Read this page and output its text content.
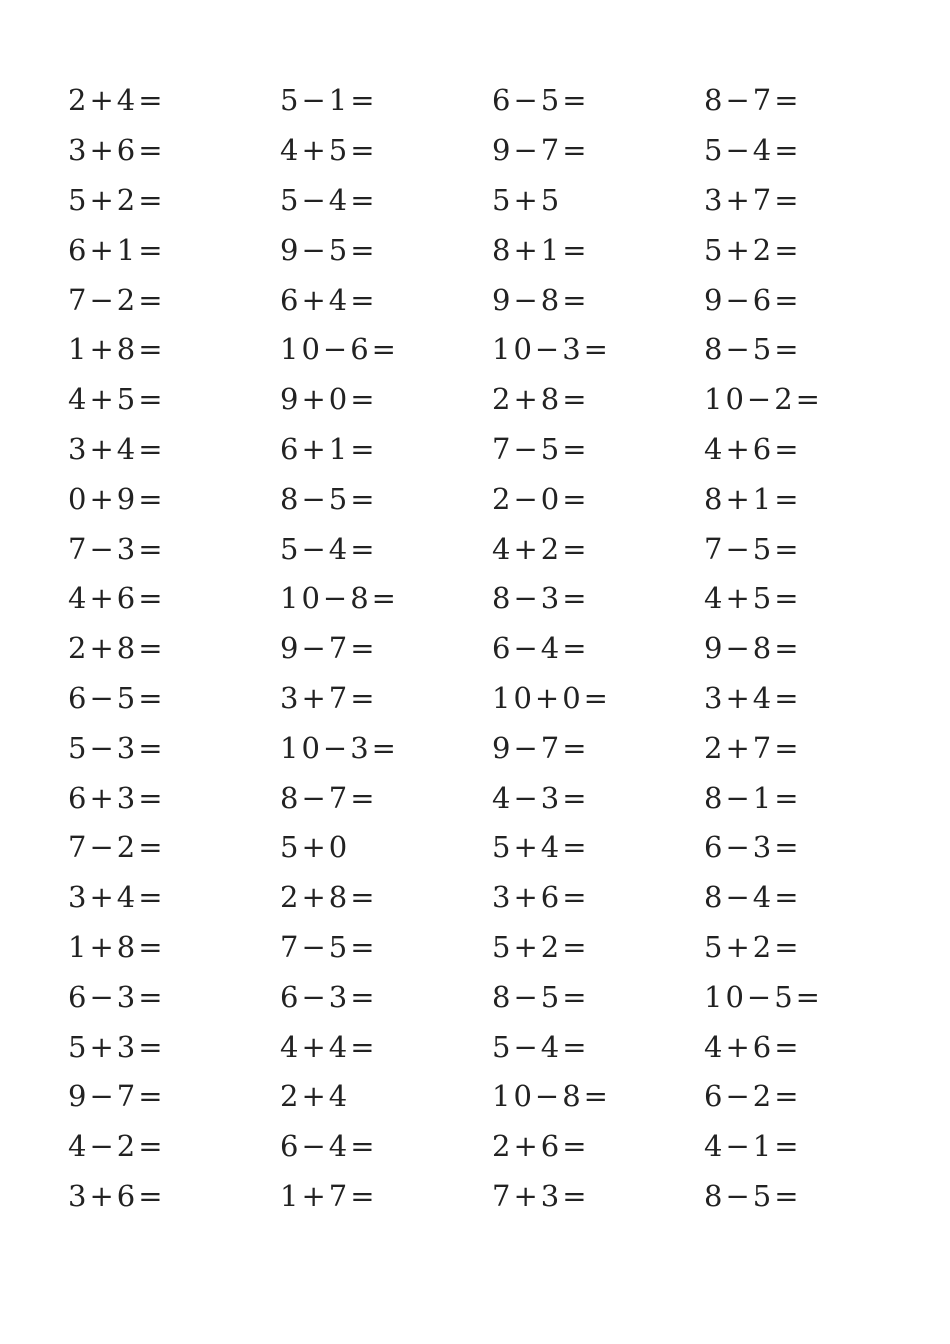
2+4=	5−1=	6−5=	8−7=
3+6=	4+5=	9−7=	5−4=
5+2=	5−4=	5+5	3+7=
6+1=	9−5=	8+1=	5+2=
7−2=	6+4=	9−8=	9−6=
1+8=	10−6=	10−3=	8−5=
4+5=	9+0=	2+8=	10−2=
3+4=	6+1=	7−5=	4+6=
0+9=	8−5=	2−0=	8+1=
7−3=	5−4=	4+2=	7−5=
4+6=	10−8=	8−3=	4+5=
2+8=	9−7=	6−4=	9−8=
6−5=	3+7=	10+0=	3+4=
5−3=	10−3=	9−7=	2+7=
6+3=	8−7=	4−3=	8−1=
7−2=	5+0	5+4=	6−3=
3+4=	2+8=	3+6=	8−4=
1+8=	7−5=	5+2=	5+2=
6−3=	6−3=	8−5=	10−5=
5+3=	4+4=	5−4=	4+6=
9−7=	2+4	10−8=	6−2=
4−2=	6−4=	2+6=	4−1=
3+6=	1+7=	7+3=	8−5=
